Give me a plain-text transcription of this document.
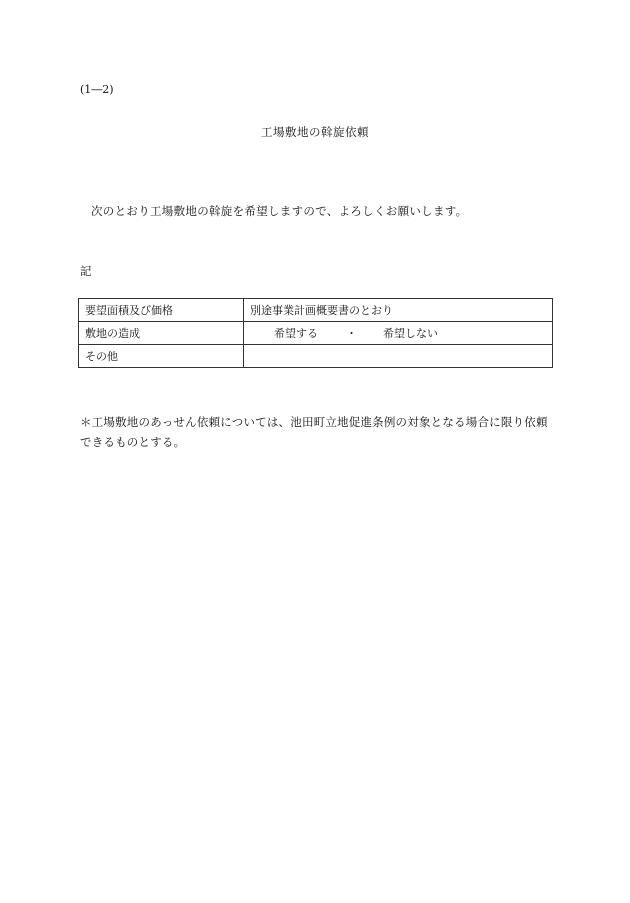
(1―2)
工場敷地の斡旋依頼
次のとおり工場敷地の斡旋を希望しますので、よろしくお願いします。
記
要望面積及び価格	別途事業計画概要書のとおり
敷地の造成	希望する ・ 希望しない
その他	
＊工場敷地のあっせん依頼については、池田町立地促進条例の対象となる場合に限り依頼できるものとする。
